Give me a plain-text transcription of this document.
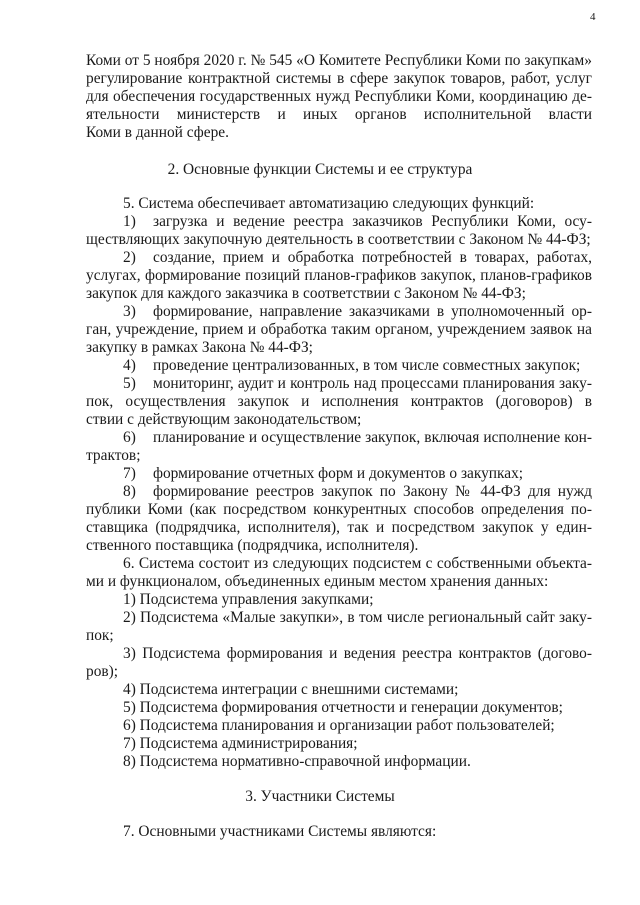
4
Коми от 5 ноября 2020 г. № 545 «О Комитете Республики Коми по закупкам»
регулирование контрактной системы в сфере закупок товаров, работ, услуг
для обеспечения государственных нужд Республики Коми, координацию де-
ятельности министерств и иных органов исполнительной власти
Коми в данной сфере.
2. Основные функции Системы и ее структура
5. Система обеспечивает автоматизацию следующих функций:
1)	загрузка и ведение реестра заказчиков Республики Коми, осу-
ществляющих закупочную деятельность в соответствии с Законом № 44-ФЗ;
2)	создание, прием и обработка потребностей в товарах, работах,
услугах, формирование позиций планов-графиков закупок, планов-графиков
закупок для каждого заказчика в соответствии с Законом № 44-ФЗ;
3)	формирование, направление заказчиками в уполномоченный ор-
ган, учреждение, прием и обработка таким органом, учреждением заявок на
закупку в рамках Закона № 44-ФЗ;
4)	проведение централизованных, в том числе совместных закупок;
5)	мониторинг, аудит и контроль над процессами планирования заку-
пок, осуществления закупок и исполнения контрактов (договоров) в
ствии с действующим законодательством;
6)	планирование и осуществление закупок, включая исполнение кон-
трактов;
7)	формирование отчетных форм и документов о закупках;
8)	формирование реестров закупок по Закону № 44-ФЗ для нужд
публики Коми (как посредством конкурентных способов определения по-
ставщика (подрядчика, исполнителя), так и посредством закупок у един-
ственного поставщика (подрядчика, исполнителя).
6. Система состоит из следующих подсистем с собственными объекта-
ми и функционалом, объединенных единым местом хранения данных:
1) Подсистема управления закупками;
2) Подсистема «Малые закупки», в том числе региональный сайт заку-
пок;
3) Подсистема формирования и ведения реестра контрактов (догово-
ров);
4) Подсистема интеграции с внешними системами;
5) Подсистема формирования отчетности и генерации документов;
6) Подсистема планирования и организации работ пользователей;
7) Подсистема администрирования;
8) Подсистема нормативно-справочной информации.
3. Участники Системы
7. Основными участниками Системы являются:
